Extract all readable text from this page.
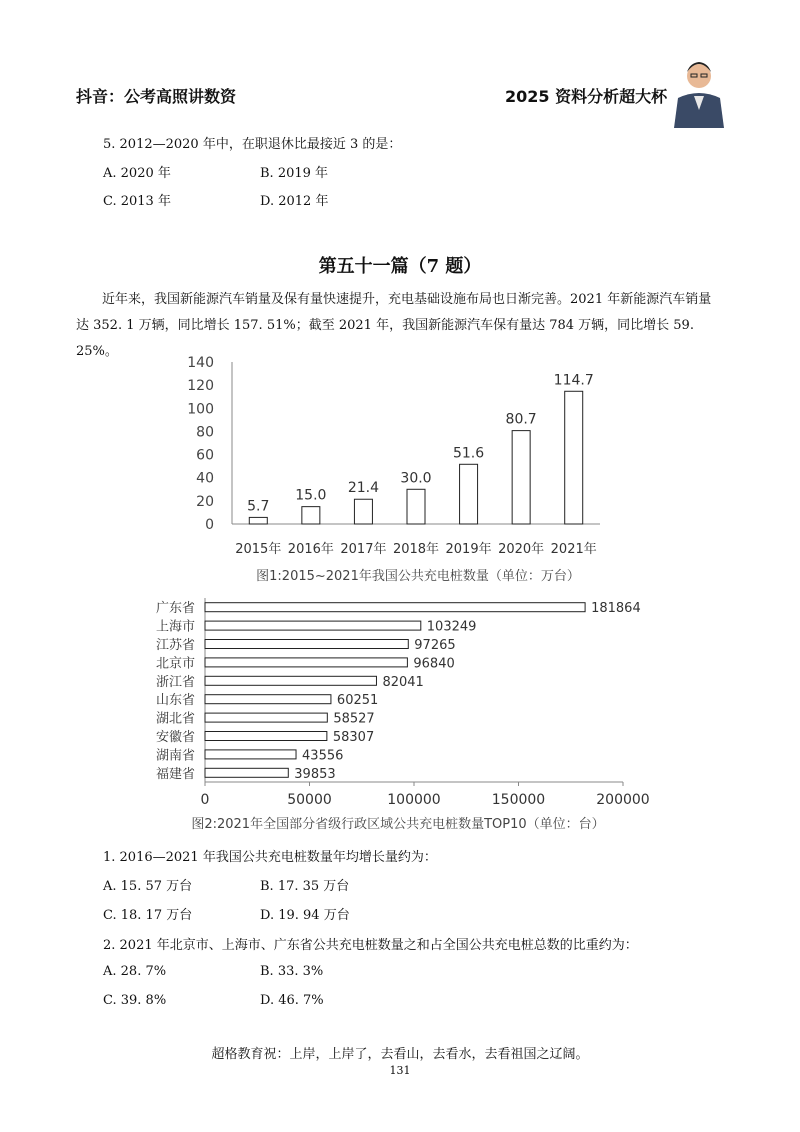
抖音：公考高照讲数资	2025 资料分析超大杯
5. 2012—2020 年中，在职退休比最接近 3 的是：
A. 2020 年	B. 2019 年
C. 2013 年	D. 2012 年
第五十一篇（7 题）
近年来，我国新能源汽车销量及保有量快速提升，充电基础设施布局也日渐完善。2021 年新能源汽车销量
达 352. 1 万辆，同比增长 157. 51%；截至 2021 年，我国新能源汽车保有量达 784 万辆，同比增长 59. 25%。
0
20
40
60
80
100
120
140
5.7
2015年
15.0
2016年
21.4
2017年
30.0
2018年
51.6
2019年
80.7
2020年
114.7
2021年
图1:2015~2021年我国公共充电桩数量（单位：万台）
0	50000	100000	150000	200000
181864
广东省
103249
上海市
97265
江苏省
96840
北京市
82041
浙江省
60251
山东省
58527
湖北省
58307
安徽省
43556
湖南省
39853
福建省
图2:2021年全国部分省级行政区域公共充电桩数量TOP10（单位：台）
1. 2016—2021 年我国公共充电桩数量年均增长量约为：
A. 15. 57 万台	B. 17. 35 万台
C. 18. 17 万台	D. 19. 94 万台
2. 2021 年北京市、上海市、广东省公共充电桩数量之和占全国公共充电桩总数的比重约为：
A. 28. 7%	B. 33. 3%
C. 39. 8%	D. 46. 7%
超格教育祝：上岸，上岸了，去看山，去看水，去看祖国之辽阔。
131
